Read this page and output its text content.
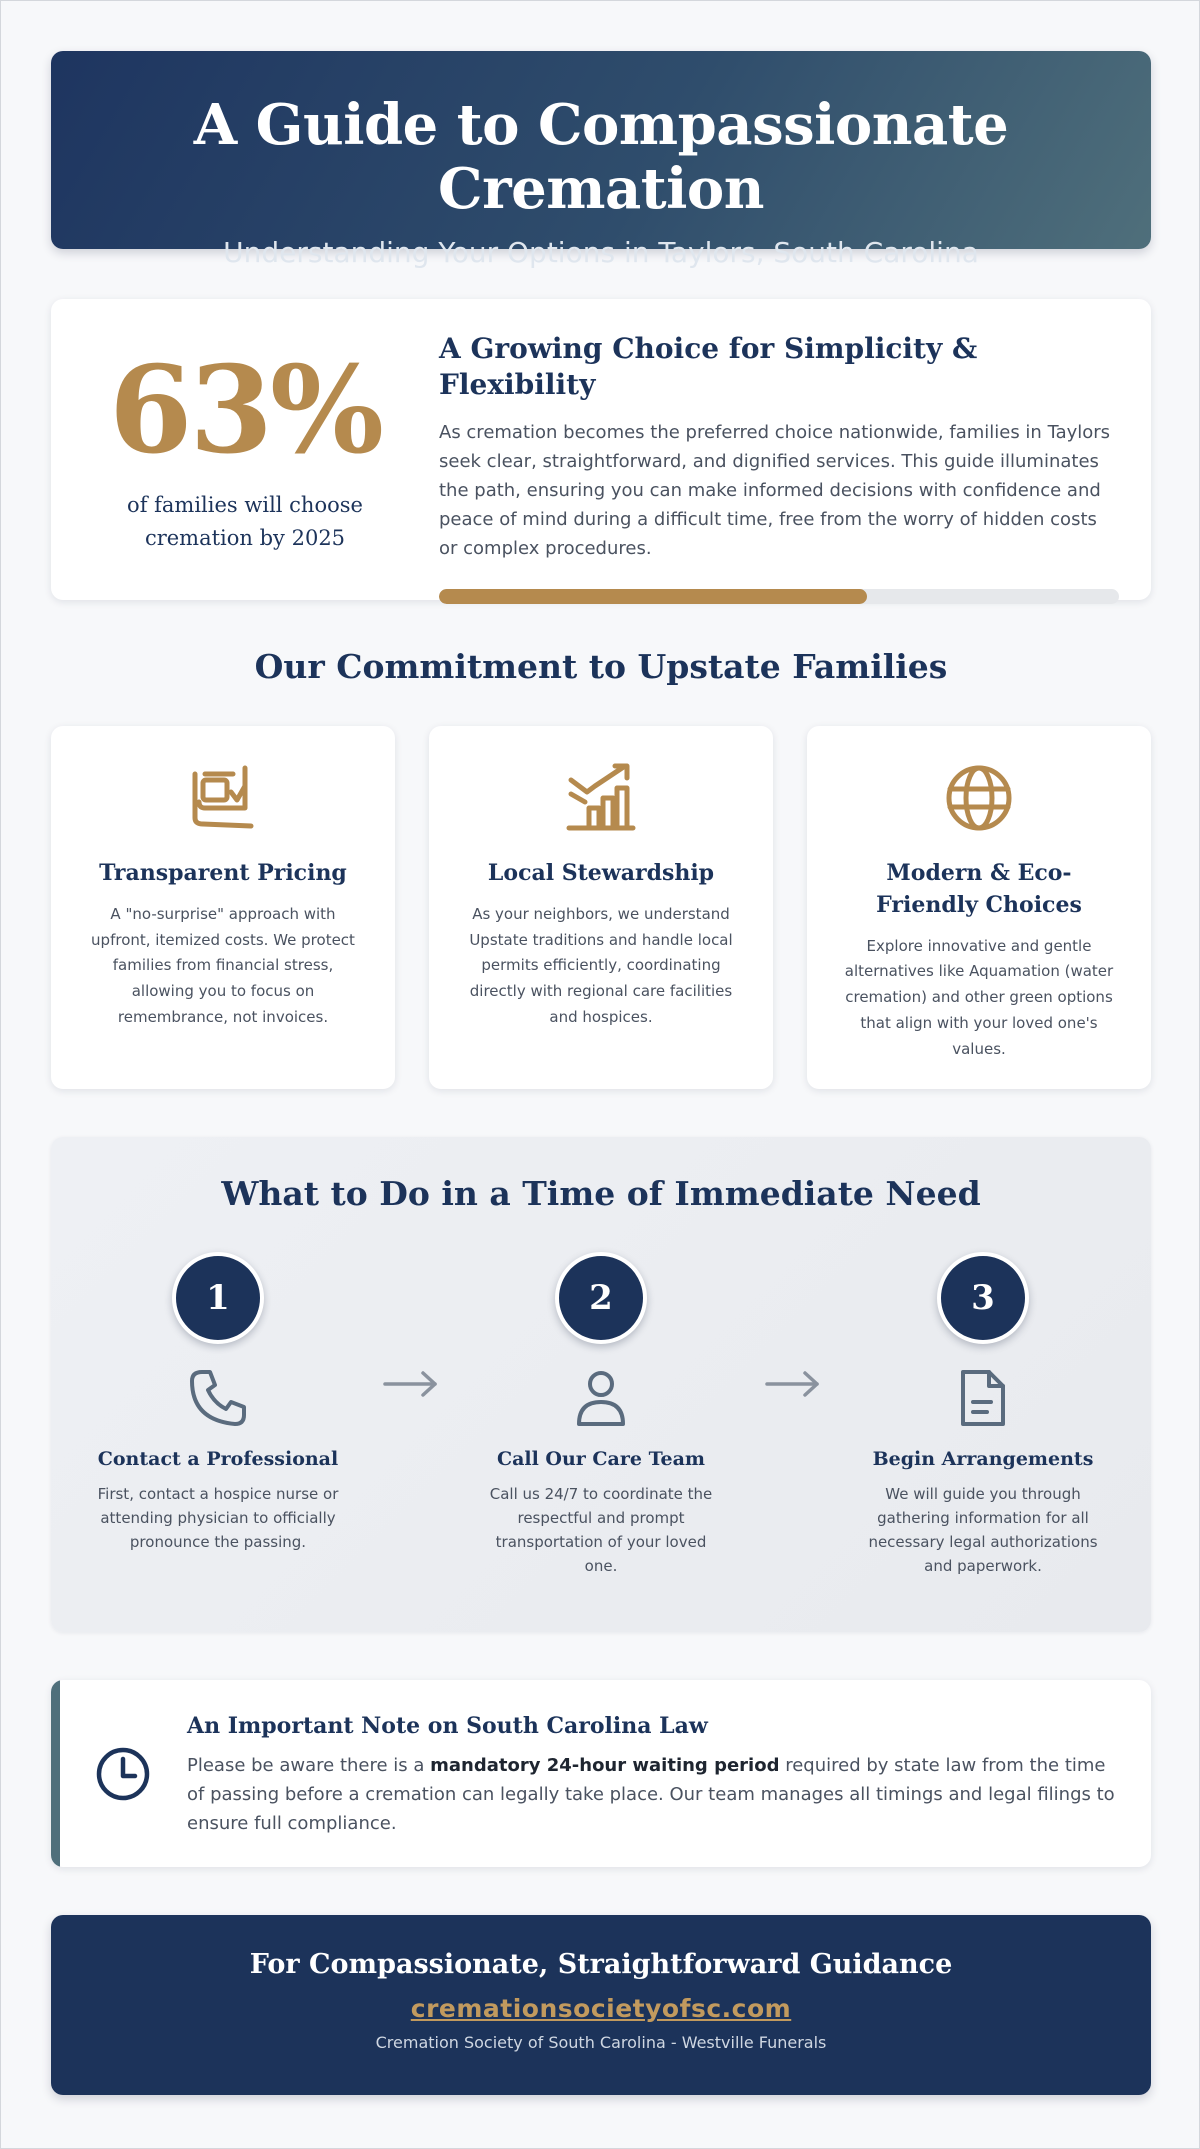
A Guide to Compassionate Cremation
Understanding Your Options in Taylors, South Carolina
63%
of families will choose cremation by 2025
A Growing Choice for Simplicity & Flexibility

As cremation becomes the preferred choice nationwide, families in Taylors seek clear, straightforward, and dignified services. This guide illuminates the path, ensuring you can make informed decisions with confidence and peace of mind during a difficult time, free from the worry of hidden costs or complex procedures.

Our Commitment to Upstate Families
Transparent Pricing

A "no-surprise" approach with upfront, itemized costs. We protect families from financial stress, allowing you to focus on remembrance, not invoices.

Local Stewardship

As your neighbors, we understand Upstate traditions and handle local permits efficiently, coordinating directly with regional care facilities and hospices.

Modern & Eco-Friendly Choices

Explore innovative and gentle alternatives like Aquamation (water cremation) and other green options that align with your loved one's values.

What to Do in a Time of Immediate Need
1
Contact a Professional

First, contact a hospice nurse or attending physician to officially pronounce the passing.

2
Call Our Care Team

Call us 24/7 to coordinate the respectful and prompt transportation of your loved one.

3
Begin Arrangements

We will guide you through gathering information for all necessary legal authorizations and paperwork.

An Important Note on South Carolina Law

Please be aware there is a mandatory 24-hour waiting period required by state law from the time of passing before a cremation can legally take place. Our team manages all timings and legal filings to ensure full compliance.

For Compassionate, Straightforward Guidance
cremationsocietyofsc.com
Cremation Society of South Carolina - Westville Funerals
